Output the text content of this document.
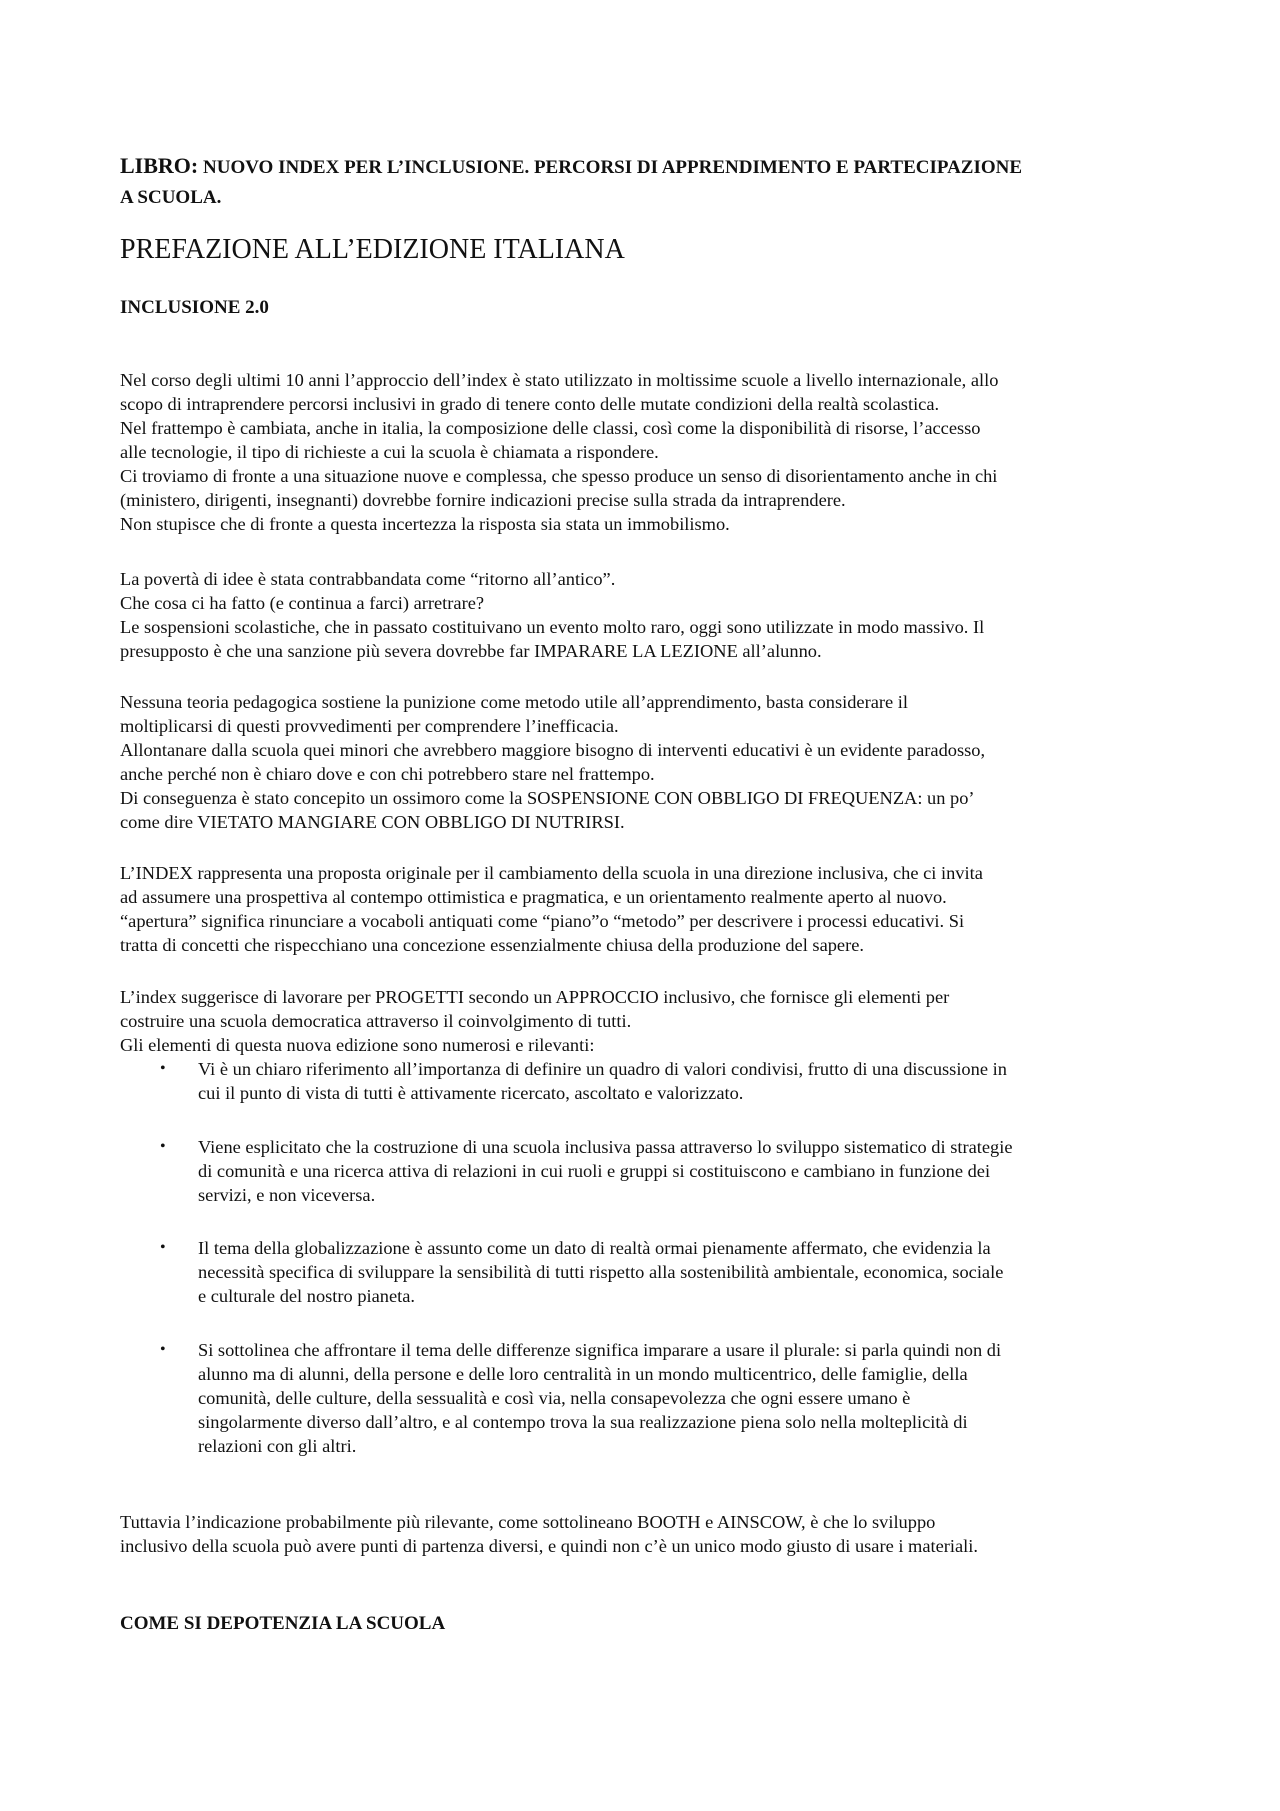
LIBRO: NUOVO INDEX PER L’INCLUSIONE. PERCORSI DI APPRENDIMENTO E PARTECIPAZIONE
A SCUOLA.
PREFAZIONE ALL’EDIZIONE ITALIANA
INCLUSIONE 2.0
Nel corso degli ultimi 10 anni l’approccio dell’index è stato utilizzato in moltissime scuole a livello internazionale, allo
scopo di intraprendere percorsi inclusivi in grado di tenere conto delle mutate condizioni della realtà scolastica.
Nel frattempo è cambiata, anche in italia, la composizione delle classi, così come la disponibilità di risorse, l’accesso
alle tecnologie, il tipo di richieste a cui la scuola è chiamata a rispondere.
Ci troviamo di fronte a una situazione nuove e complessa, che spesso produce un senso di disorientamento anche in chi
(ministero, dirigenti, insegnanti) dovrebbe fornire indicazioni precise sulla strada da intraprendere.
Non stupisce che di fronte a questa incertezza la risposta sia stata un immobilismo.
La povertà di idee è stata contrabbandata come “ritorno all’antico”.
Che cosa ci ha fatto (e continua a farci) arretrare?
Le sospensioni scolastiche, che in passato costituivano un evento molto raro, oggi sono utilizzate in modo massivo. Il
presupposto è che una sanzione più severa dovrebbe far IMPARARE LA LEZIONE all’alunno.
Nessuna teoria pedagogica sostiene la punizione come metodo utile all’apprendimento, basta considerare il
moltiplicarsi di questi provvedimenti per comprendere l’inefficacia.
Allontanare dalla scuola quei minori che avrebbero maggiore bisogno di interventi educativi è un evidente paradosso,
anche perché non è chiaro dove e con chi potrebbero stare nel frattempo.
Di conseguenza è stato concepito un ossimoro come la SOSPENSIONE CON OBBLIGO DI FREQUENZA: un po’
come dire VIETATO MANGIARE CON OBBLIGO DI NUTRIRSI.
L’INDEX rappresenta una proposta originale per il cambiamento della scuola in una direzione inclusiva, che ci invita
ad assumere una prospettiva al contempo ottimistica e pragmatica, e un orientamento realmente aperto al nuovo.
“apertura” significa rinunciare a vocaboli antiquati come “piano”o “metodo” per descrivere i processi educativi. Si
tratta di concetti che rispecchiano una concezione essenzialmente chiusa della produzione del sapere.
L’index suggerisce di lavorare per PROGETTI secondo un APPROCCIO inclusivo, che fornisce gli elementi per
costruire una scuola democratica attraverso il coinvolgimento di tutti.
Gli elementi di questa nuova edizione sono numerosi e rilevanti:
• Vi è un chiaro riferimento all’importanza di definire un quadro di valori condivisi, frutto di una discussione in
cui il punto di vista di tutti è attivamente ricercato, ascoltato e valorizzato.
• Viene esplicitato che la costruzione di una scuola inclusiva passa attraverso lo sviluppo sistematico di strategie
di comunità e una ricerca attiva di relazioni in cui ruoli e gruppi si costituiscono e cambiano in funzione dei
servizi, e non viceversa.
• Il tema della globalizzazione è assunto come un dato di realtà ormai pienamente affermato, che evidenzia la
necessità specifica di sviluppare la sensibilità di tutti rispetto alla sostenibilità ambientale, economica, sociale
e culturale del nostro pianeta.
• Si sottolinea che affrontare il tema delle differenze significa imparare a usare il plurale: si parla quindi non di
alunno ma di alunni, della persone e delle loro centralità in un mondo multicentrico, delle famiglie, della
comunità, delle culture, della sessualità e così via, nella consapevolezza che ogni essere umano è
singolarmente diverso dall’altro, e al contempo trova la sua realizzazione piena solo nella molteplicità di
relazioni con gli altri.
Tuttavia l’indicazione probabilmente più rilevante, come sottolineano BOOTH e AINSCOW, è che lo sviluppo
inclusivo della scuola può avere punti di partenza diversi, e quindi non c’è un unico modo giusto di usare i materiali.
COME SI DEPOTENZIA LA SCUOLA
